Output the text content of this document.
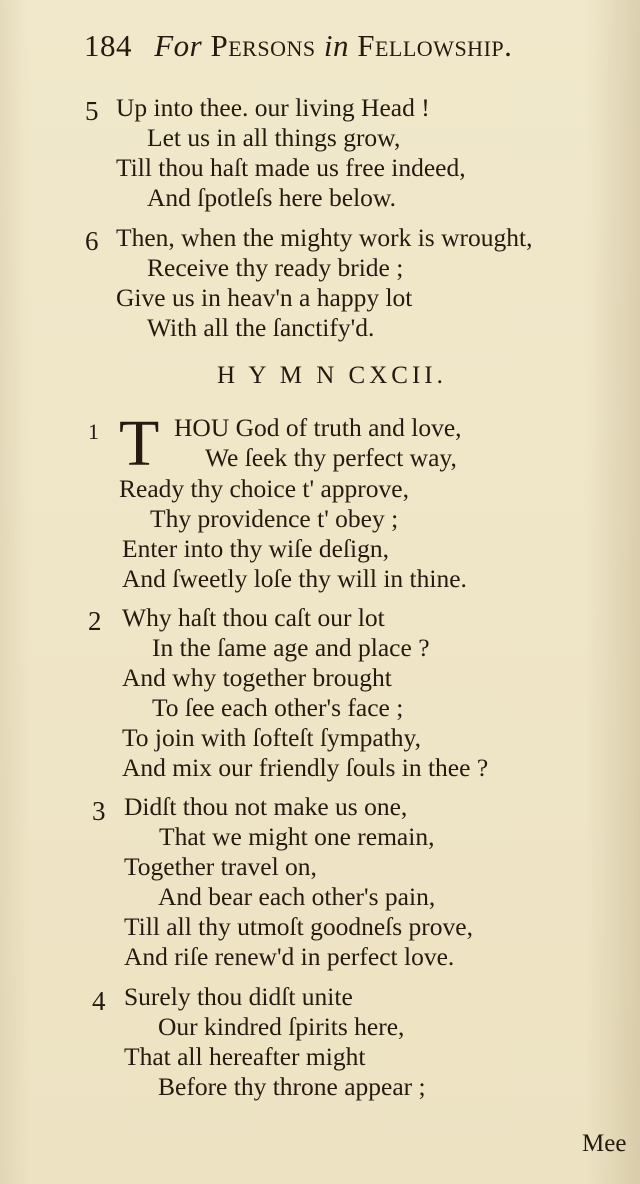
184 For Persons in Fellowship.
5 Up into thee. our living Head !
Let us in all things grow,
Till thou haſt made us free indeed,
And ſpotleſs here below.
6 Then, when the mighty work is wrought,
Receive thy ready bride ;
Give us in heav'n a happy lot
With all the ſanctify'd.
H Y M N CXCII.
1 T HOU God of truth and love,
We ſeek thy perfect way,
Ready thy choice t' approve,
Thy providence t' obey ;
Enter into thy wiſe deſign,
And ſweetly loſe thy will in thine.
2 Why haſt thou caſt our lot
In the ſame age and place ?
And why together brought
To ſee each other's face ;
To join with ſofteſt ſympathy,
And mix our friendly ſouls in thee ?
3 Didſt thou not make us one,
That we might one remain,
Together travel on,
And bear each other's pain,
Till all thy utmoſt goodneſs prove,
And riſe renew'd in perfect love.
4 Surely thou didſt unite
Our kindred ſpirits here,
That all hereafter might
Before thy throne appear ;
Mee
